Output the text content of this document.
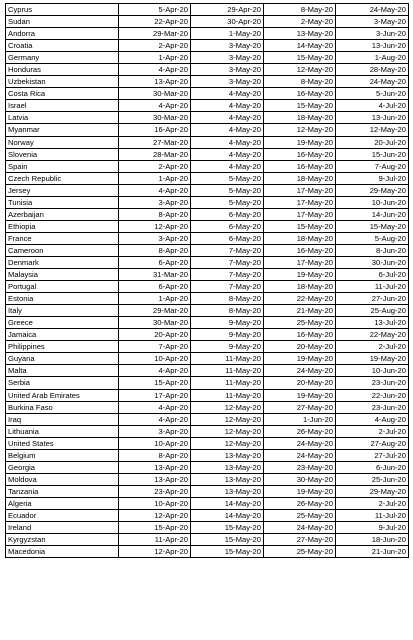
Cyprus	5-Apr-20	29-Apr-20	8-May-20	24-May-20
Sudan	22-Apr-20	30-Apr-20	2-May-20	3-May-20
Andorra	29-Mar-20	1-May-20	13-May-20	3-Jun-20
Croatia	2-Apr-20	3-May-20	14-May-20	13-Jun-20
Germany	1-Apr-20	3-May-20	15-May-20	1-Aug-20
Honduras	4-Apr-20	3-May-20	12-May-20	28-May-20
Uzbekistan	13-Apr-20	3-May-20	8-May-20	24-May-20
Costa Rica	30-Mar-20	4-May-20	16-May-20	5-Jun-20
Israel	4-Apr-20	4-May-20	15-May-20	4-Jul-20
Latvia	30-Mar-20	4-May-20	18-May-20	13-Jun-20
Myanmar	16-Apr-20	4-May-20	12-May-20	12-May-20
Norway	27-Mar-20	4-May-20	19-May-20	20-Jul-20
Slovenia	28-Mar-20	4-May-20	16-May-20	15-Jun-20
Spain	2-Apr-20	4-May-20	16-May-20	7-Aug-20
Czech Republic	1-Apr-20	5-May-20	18-May-20	9-Jul-20
Jersey	4-Apr-20	5-May-20	17-May-20	29-May-20
Tunisia	3-Apr-20	5-May-20	17-May-20	10-Jun-20
Azerbaijan	8-Apr-20	6-May-20	17-May-20	14-Jun-20
Ethiopia	12-Apr-20	6-May-20	15-May-20	15-May-20
France	3-Apr-20	6-May-20	18-May-20	5-Aug-20
Cameroon	8-Apr-20	7-May-20	16-May-20	8-Jun-20
Denmark	6-Apr-20	7-May-20	17-May-20	30-Jun-20
Malaysia	31-Mar-20	7-May-20	19-May-20	6-Jul-20
Portugal	6-Apr-20	7-May-20	18-May-20	11-Jul-20
Estonia	1-Apr-20	8-May-20	22-May-20	27-Jun-20
Italy	29-Mar-20	8-May-20	21-May-20	25-Aug-20
Greece	30-Mar-20	9-May-20	25-May-20	13-Jul-20
Jamaica	20-Apr-20	9-May-20	16-May-20	22-May-20
Philippines	7-Apr-20	9-May-20	20-May-20	2-Jul-20
Guyana	10-Apr-20	11-May-20	19-May-20	19-May-20
Malta	4-Apr-20	11-May-20	24-May-20	10-Jun-20
Serbia	15-Apr-20	11-May-20	20-May-20	23-Jun-20
United Arab Emirates	17-Apr-20	11-May-20	19-May-20	22-Jun-20
Burkina Faso	4-Apr-20	12-May-20	27-May-20	23-Jun-20
Iraq	4-Apr-20	12-May-20	1-Jun-20	4-Aug-20
Lithuania	3-Apr-20	12-May-20	26-May-20	2-Jul-20
United States	10-Apr-20	12-May-20	24-May-20	27-Aug-20
Belgium	8-Apr-20	13-May-20	24-May-20	27-Jul-20
Georgia	13-Apr-20	13-May-20	23-May-20	6-Jun-20
Moldova	13-Apr-20	13-May-20	30-May-20	25-Jun-20
Tanzania	23-Apr-20	13-May-20	19-May-20	29-May-20
Algeria	10-Apr-20	14-May-20	26-May-20	2-Jul-20
Ecuador	12-Apr-20	14-May-20	25-May-20	11-Jul-20
Ireland	15-Apr-20	15-May-20	24-May-20	9-Jul-20
Kyrgyzstan	11-Apr-20	15-May-20	27-May-20	18-Jun-20
Macedonia	12-Apr-20	15-May-20	25-May-20	21-Jun-20
